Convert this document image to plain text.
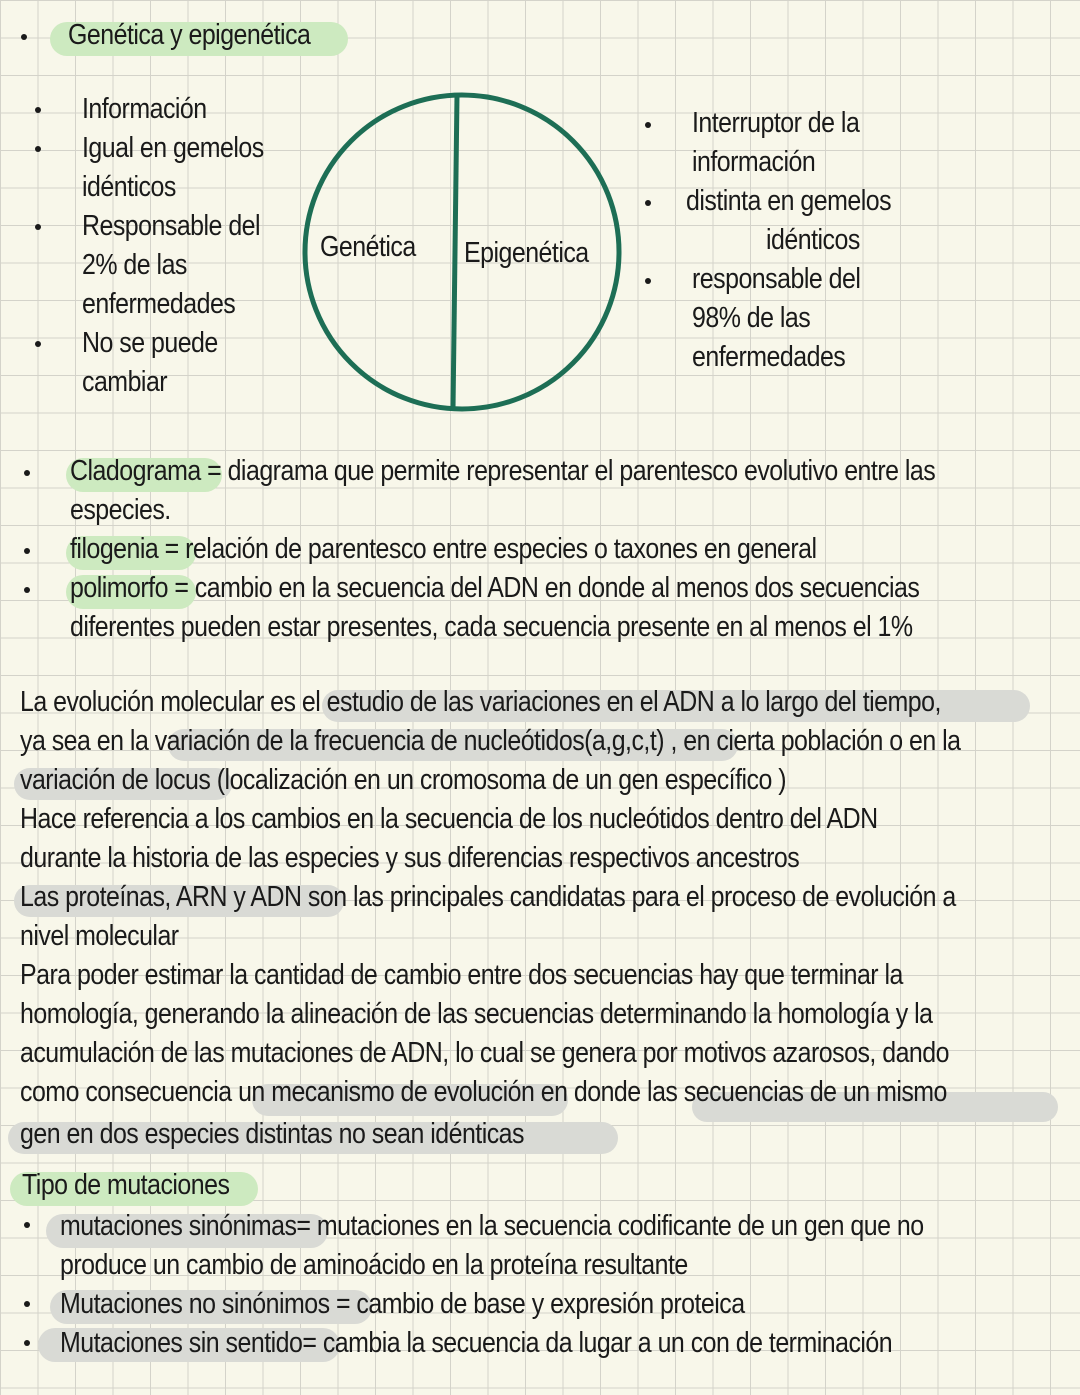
Genética y epigenética
Información
Igual en gemelos
idénticos
Responsable del
2% de las
enfermedades
No se puede
cambiar
Genética	Epigenética
Interruptor de la
información
distinta en gemelos
idénticos
responsable del
98% de las
enfermedades
Cladograma = diagrama que permite representar el parentesco evolutivo entre las
especies.
filogenia = relación de parentesco entre especies o taxones en general
polimorfo = cambio en la secuencia del ADN en donde al menos dos secuencias
diferentes pueden estar presentes, cada secuencia presente en al menos el 1%
La evolución molecular es el estudio de las variaciones en el ADN a lo largo del tiempo,
ya sea en la variación de la frecuencia de nucleótidos(a,g,c,t) , en cierta población o en la
variación de locus (localización en un cromosoma de un gen específico )
Hace referencia a los cambios en la secuencia de los nucleótidos dentro del ADN
durante la historia de las especies y sus diferencias respectivos ancestros
Las proteínas, ARN y ADN son las principales candidatas para el proceso de evolución a
nivel molecular
Para poder estimar la cantidad de cambio entre dos secuencias hay que terminar la
homología, generando la alineación de las secuencias determinando la homología y la
acumulación de las mutaciones de ADN, lo cual se genera por motivos azarosos, dando
como consecuencia un mecanismo de evolución en donde las secuencias de un mismo
gen en dos especies distintas no sean idénticas
Tipo de mutaciones
mutaciones sinónimas= mutaciones en la secuencia codificante de un gen que no
produce un cambio de aminoácido en la proteína resultante
Mutaciones no sinónimos = cambio de base y expresión proteica
Mutaciones sin sentido= cambia la secuencia da lugar a un con de terminación
